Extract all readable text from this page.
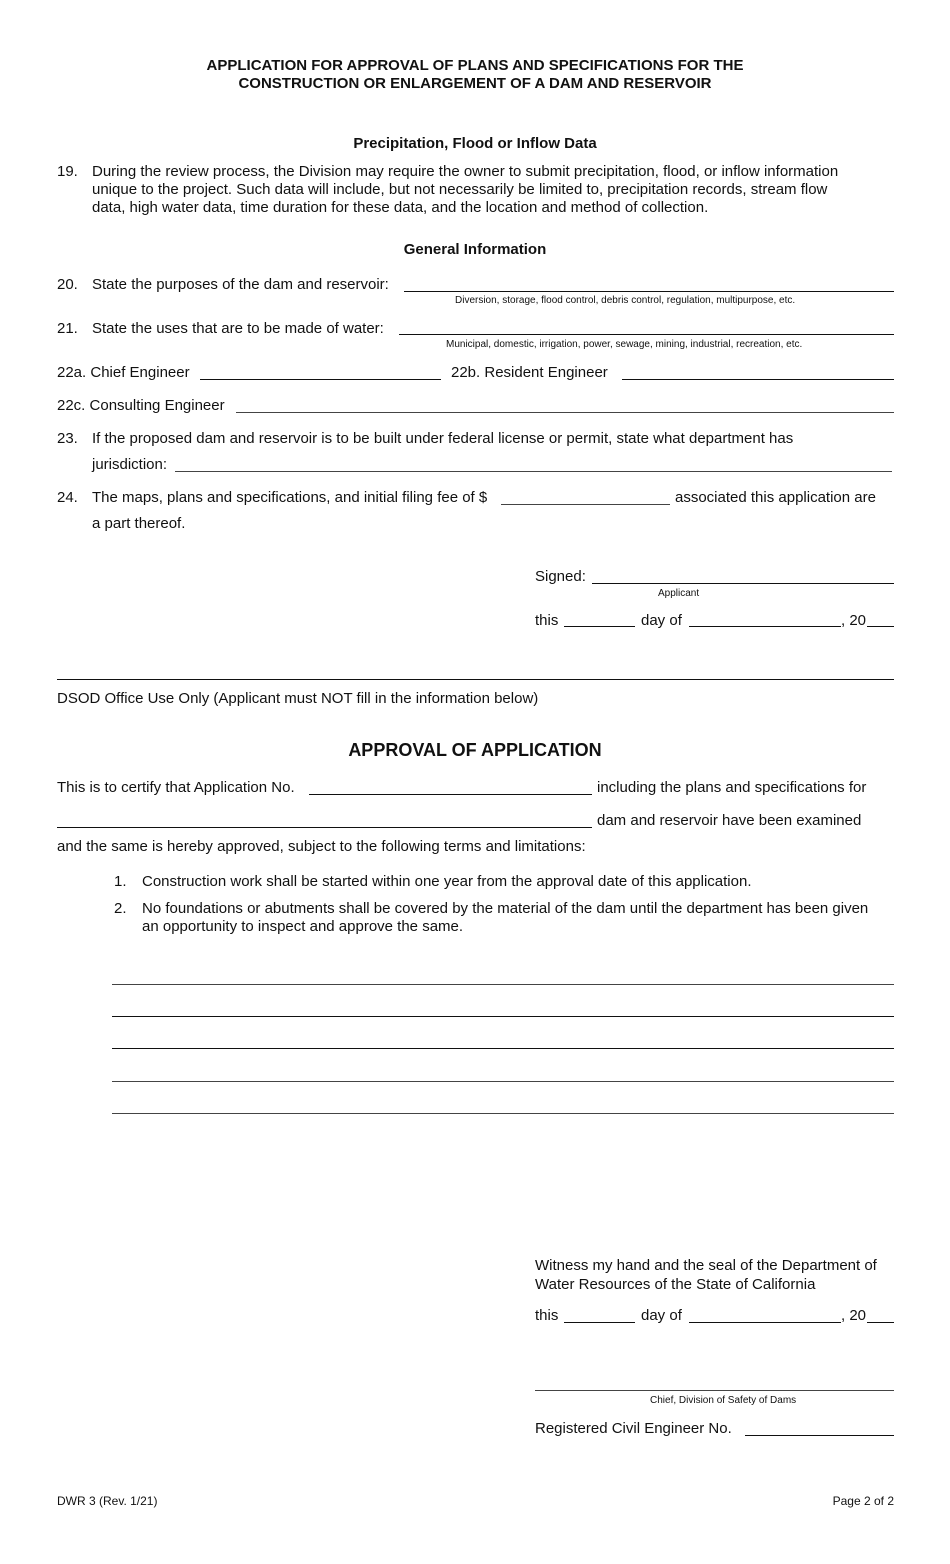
APPLICATION FOR APPROVAL OF PLANS AND SPECIFICATIONS FOR THE
CONSTRUCTION OR ENLARGEMENT OF A DAM AND RESERVOIR
Precipitation, Flood or Inflow Data
19. During the review process, the Division may require the owner to submit precipitation, flood, or inflow information
unique to the project. Such data will include, but not necessarily be limited to, precipitation records, stream flow
data, high water data, time duration for these data, and the location and method of collection.
General Information
20. State the purposes of the dam and reservoir:
Diversion, storage, flood control, debris control, regulation, multipurpose, etc.
21. State the uses that are to be made of water:
Municipal, domestic, irrigation, power, sewage, mining, industrial, recreation, etc.
22a. Chief Engineer	22b. Resident Engineer
22c. Consulting Engineer
23. If the proposed dam and reservoir is to be built under federal license or permit, state what department has
jurisdiction:
24. The maps, plans and specifications, and initial filing fee of $	associated this application are
a part thereof.
Signed:
Applicant
this	day of	, 20
DSOD Office Use Only (Applicant must NOT fill in the information below)
APPROVAL OF APPLICATION
This is to certify that Application No.	including the plans and specifications for
dam and reservoir have been examined
and the same is hereby approved, subject to the following terms and limitations:
1. Construction work shall be started within one year from the approval date of this application.
2. No foundations or abutments shall be covered by the material of the dam until the department has been given
an opportunity to inspect and approve the same.
Witness my hand and the seal of the Department of
Water Resources of the State of California
this	day of	, 20
Chief, Division of Safety of Dams
Registered Civil Engineer No.
DWR 3 (Rev. 1/21)	Page 2 of 2
